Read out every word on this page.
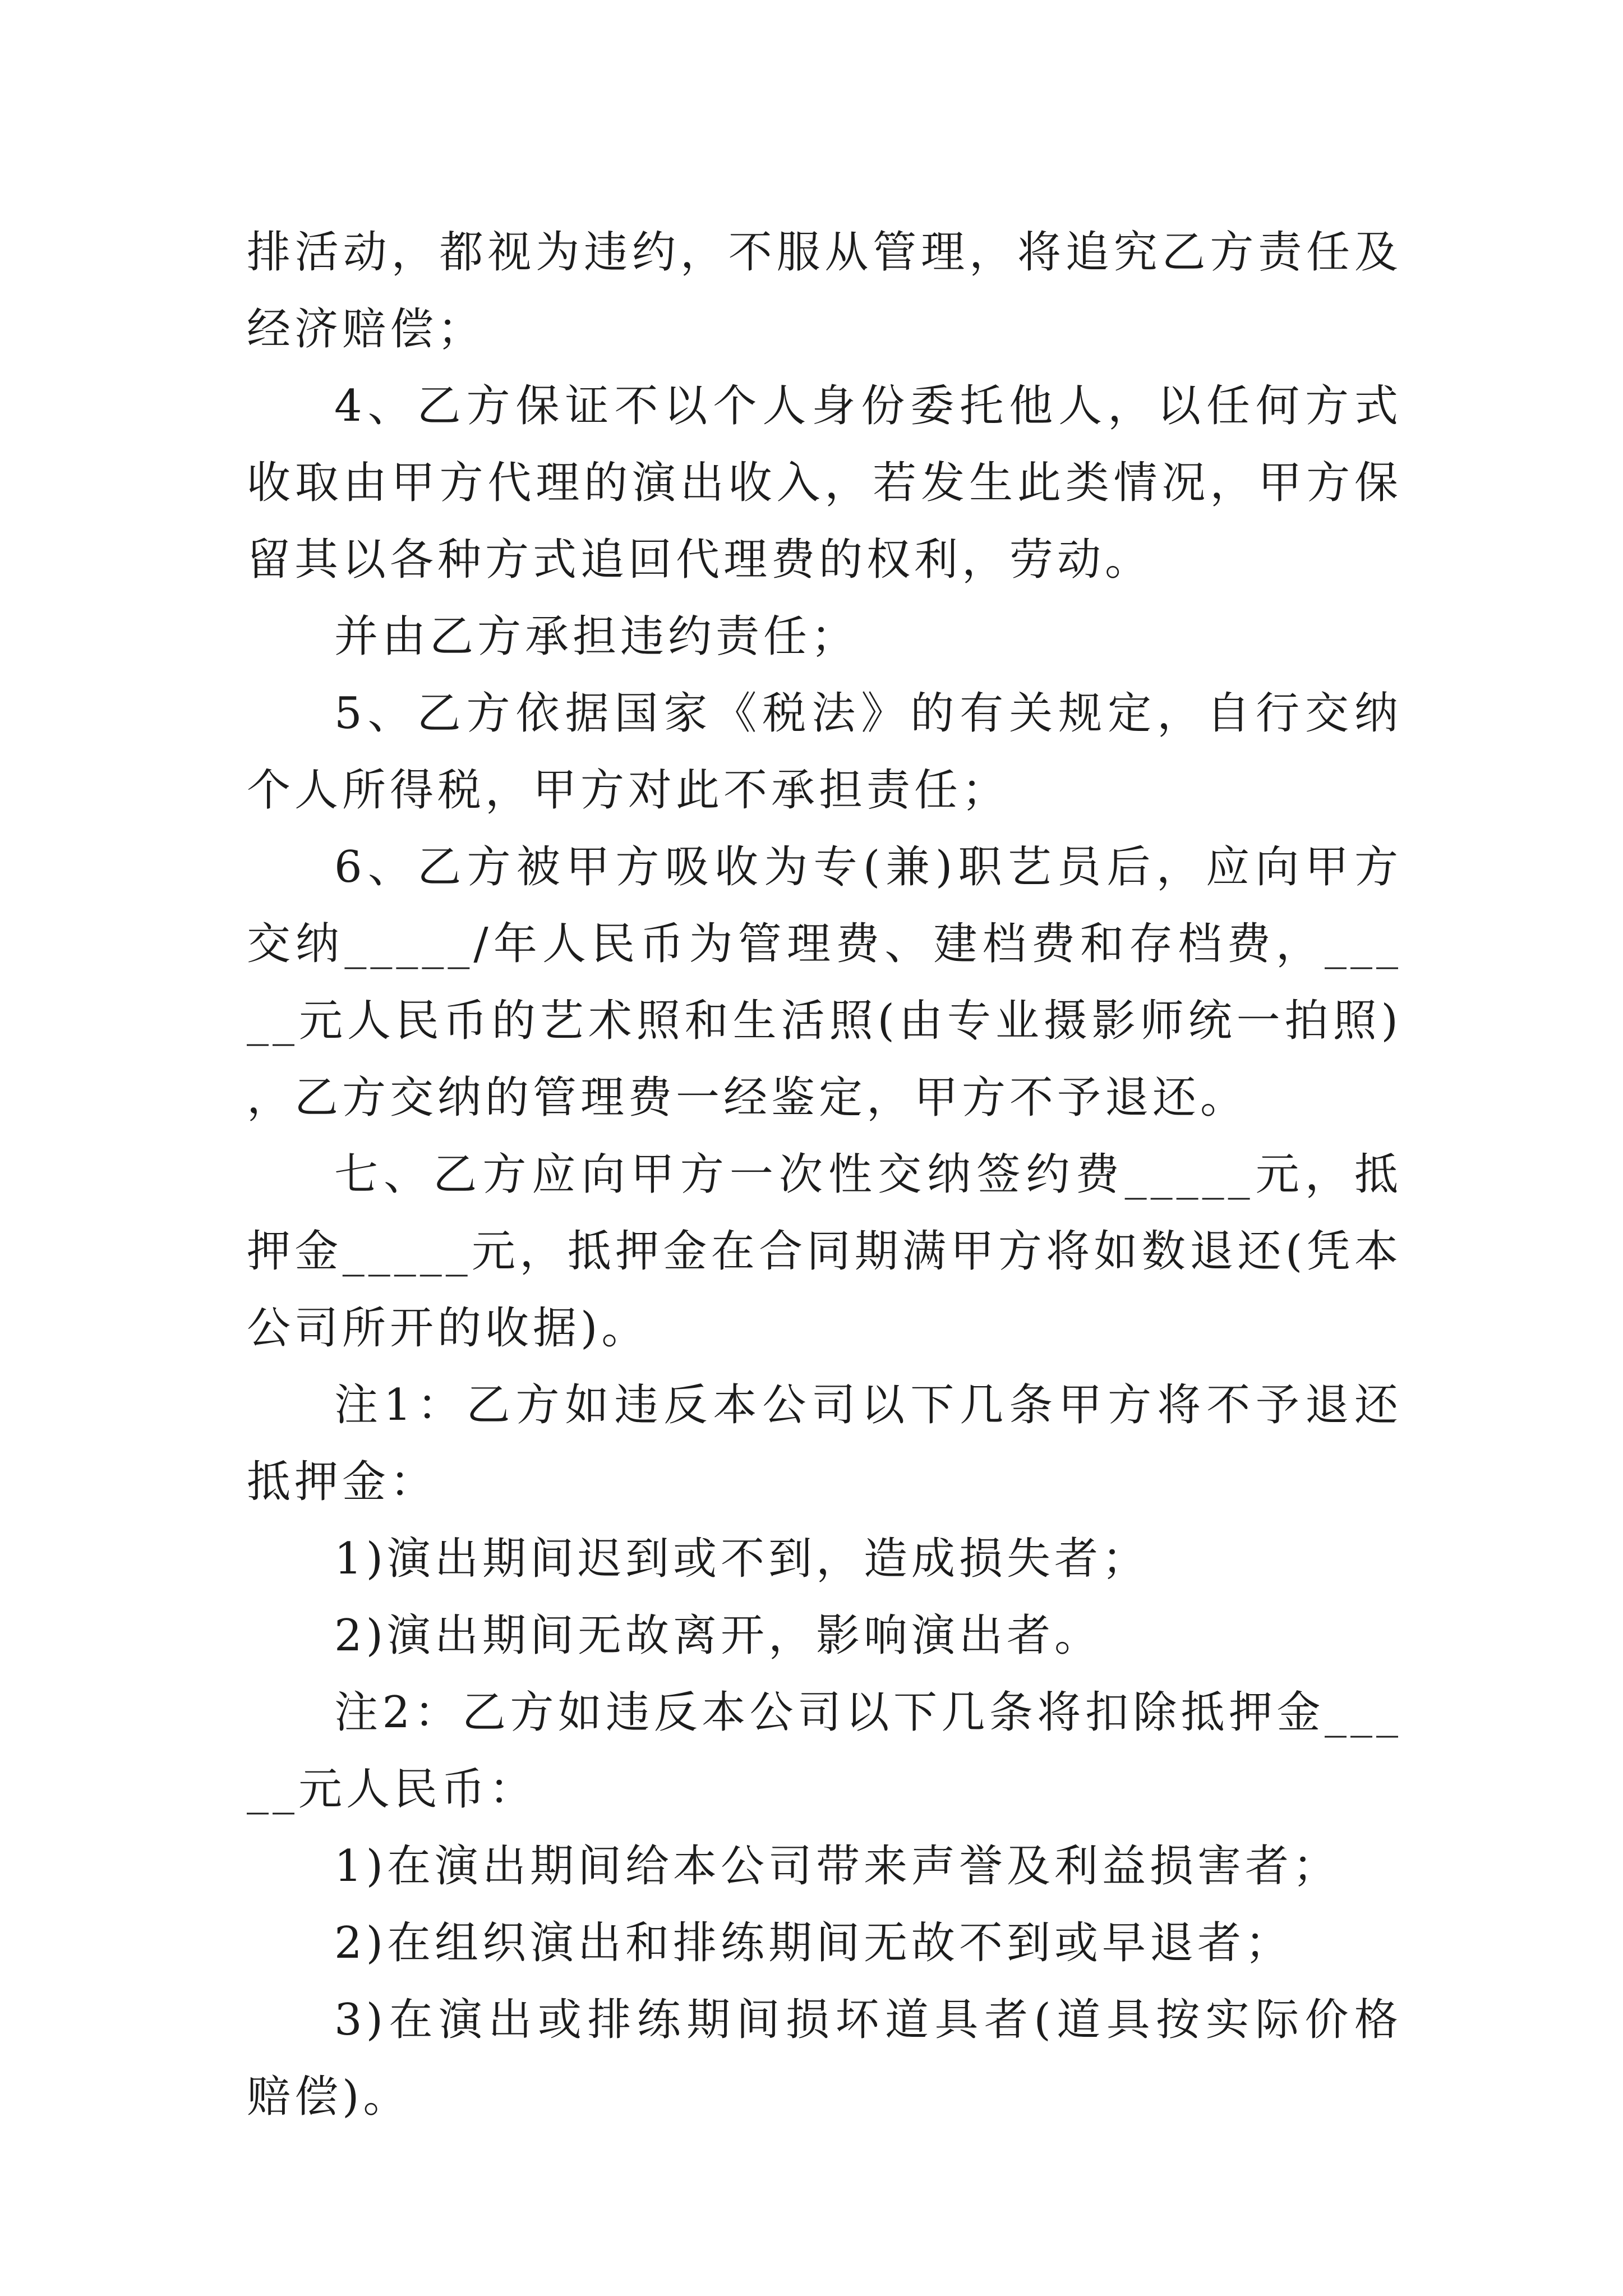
排活动，都视为违约，不服从管理，将追究乙方责任及经济赔偿；

4、乙方保证不以个人身份委托他人，以任何方式收取由甲方代理的演出收入，若发生此类情况，甲方保留其以各种方式追回代理费的权利，劳动。

并由乙方承担违约责任；

5、乙方依据国家《税法》的有关规定，自行交纳个人所得税，甲方对此不承担责任；

6、乙方被甲方吸收为专(兼)职艺员后，应向甲方交纳_____/年人民币为管理费、建档费和存档费，_____元人民币的艺术照和生活照(由专业摄影师统一拍照)，乙方交纳的管理费一经鉴定，甲方不予退还。

七、乙方应向甲方一次性交纳签约费_____元，抵押金_____元，抵押金在合同期满甲方将如数退还(凭本公司所开的收据)。

注1：乙方如违反本公司以下几条甲方将不予退还抵押金：

1)演出期间迟到或不到，造成损失者；

2)演出期间无故离开，影响演出者。

注2：乙方如违反本公司以下几条将扣除抵押金_____元人民币：

1)在演出期间给本公司带来声誉及利益损害者；

2)在组织演出和排练期间无故不到或早退者；

3)在演出或排练期间损坏道具者(道具按实际价格赔偿)。
